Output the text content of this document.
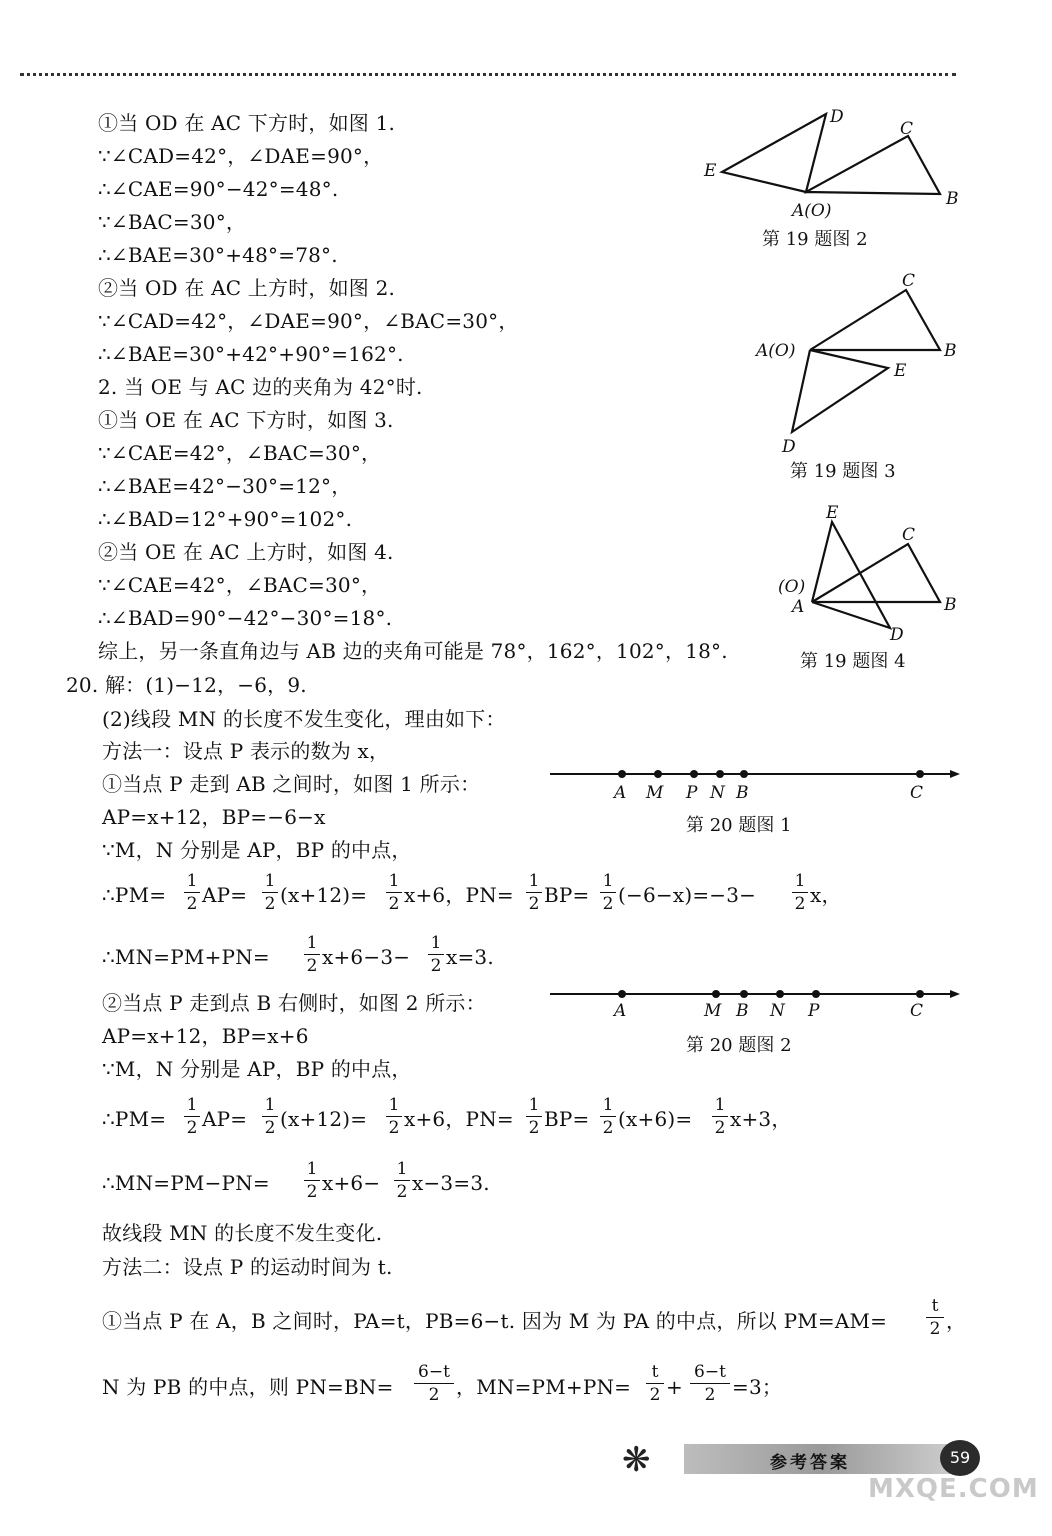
①当 OD 在 AC 下方时，如图 1.
∵∠CAD=42°，∠DAE=90°，
∴∠CAE=90°−42°=48°.
∵∠BAC=30°，
∴∠BAE=30°+48°=78°.
②当 OD 在 AC 上方时，如图 2.
∵∠CAD=42°，∠DAE=90°，∠BAC=30°，
∴∠BAE=30°+42°+90°=162°.
2. 当 OE 与 AC 边的夹角为 42°时.
①当 OE 在 AC 下方时，如图 3.
∵∠CAE=42°，∠BAC=30°，
∴∠BAE=42°−30°=12°，
∴∠BAD=12°+90°=102°.
②当 OE 在 AC 上方时，如图 4.
∵∠CAE=42°，∠BAC=30°，
∴∠BAD=90°−42°−30°=18°.
综上，另一条直角边与 AB 边的夹角可能是 78°，162°，102°，18°.
D
C
E
B
A(O)
第 19 题图 2
C
A(O)	B
E
D
第 19 题图 3
E
C
(O)
A	B
D
第 19 题图 4
20. 解：(1)−12，−6，9.
(2)线段 MN 的长度不发生变化，理由如下：
方法一：设点 P 表示的数为 x，
①当点 P 走到 AB 之间时，如图 1 所示：
AP=x+12，BP=−6−x
∵M，N 分别是 AP，BP 的中点，
A M P N B	C
第 20 题图 1
∴PM=
1
2 AP=
1
2 (x+12)=
1
2 x+6，PN=
1
2 BP=
1
2 (−6−x)=−3−
1
2 x，
∴MN=PM+PN=
1
2 x+6−3−
1
2 x=3.
②当点 P 走到点 B 右侧时，如图 2 所示：
AP=x+12，BP=x+6
∵M，N 分别是 AP，BP 的中点，
A	M B N P	C
第 20 题图 2
∴PM=
1
2 AP=
1
2 (x+12)=
1
2 x+6，PN=
1
2 BP=
1
2 (x+6)=
1
2 x+3，
∴MN=PM−PN=
1
2 x+6−
1
2 x−3=3.
故线段 MN 的长度不发生变化.
方法二：设点 P 的运动时间为 t.
①当点 P 在 A，B 之间时，PA=t，PB=6−t. 因为 M 为 PA 的中点，所以 PM=AM=
t
2 ，
N 为 PB 的中点，则 PN=BN=
6−t
2 ，MN=PM+PN=
t
2 +
6−t
2 =3；
❋	参考答案	59
MXQE.COM
